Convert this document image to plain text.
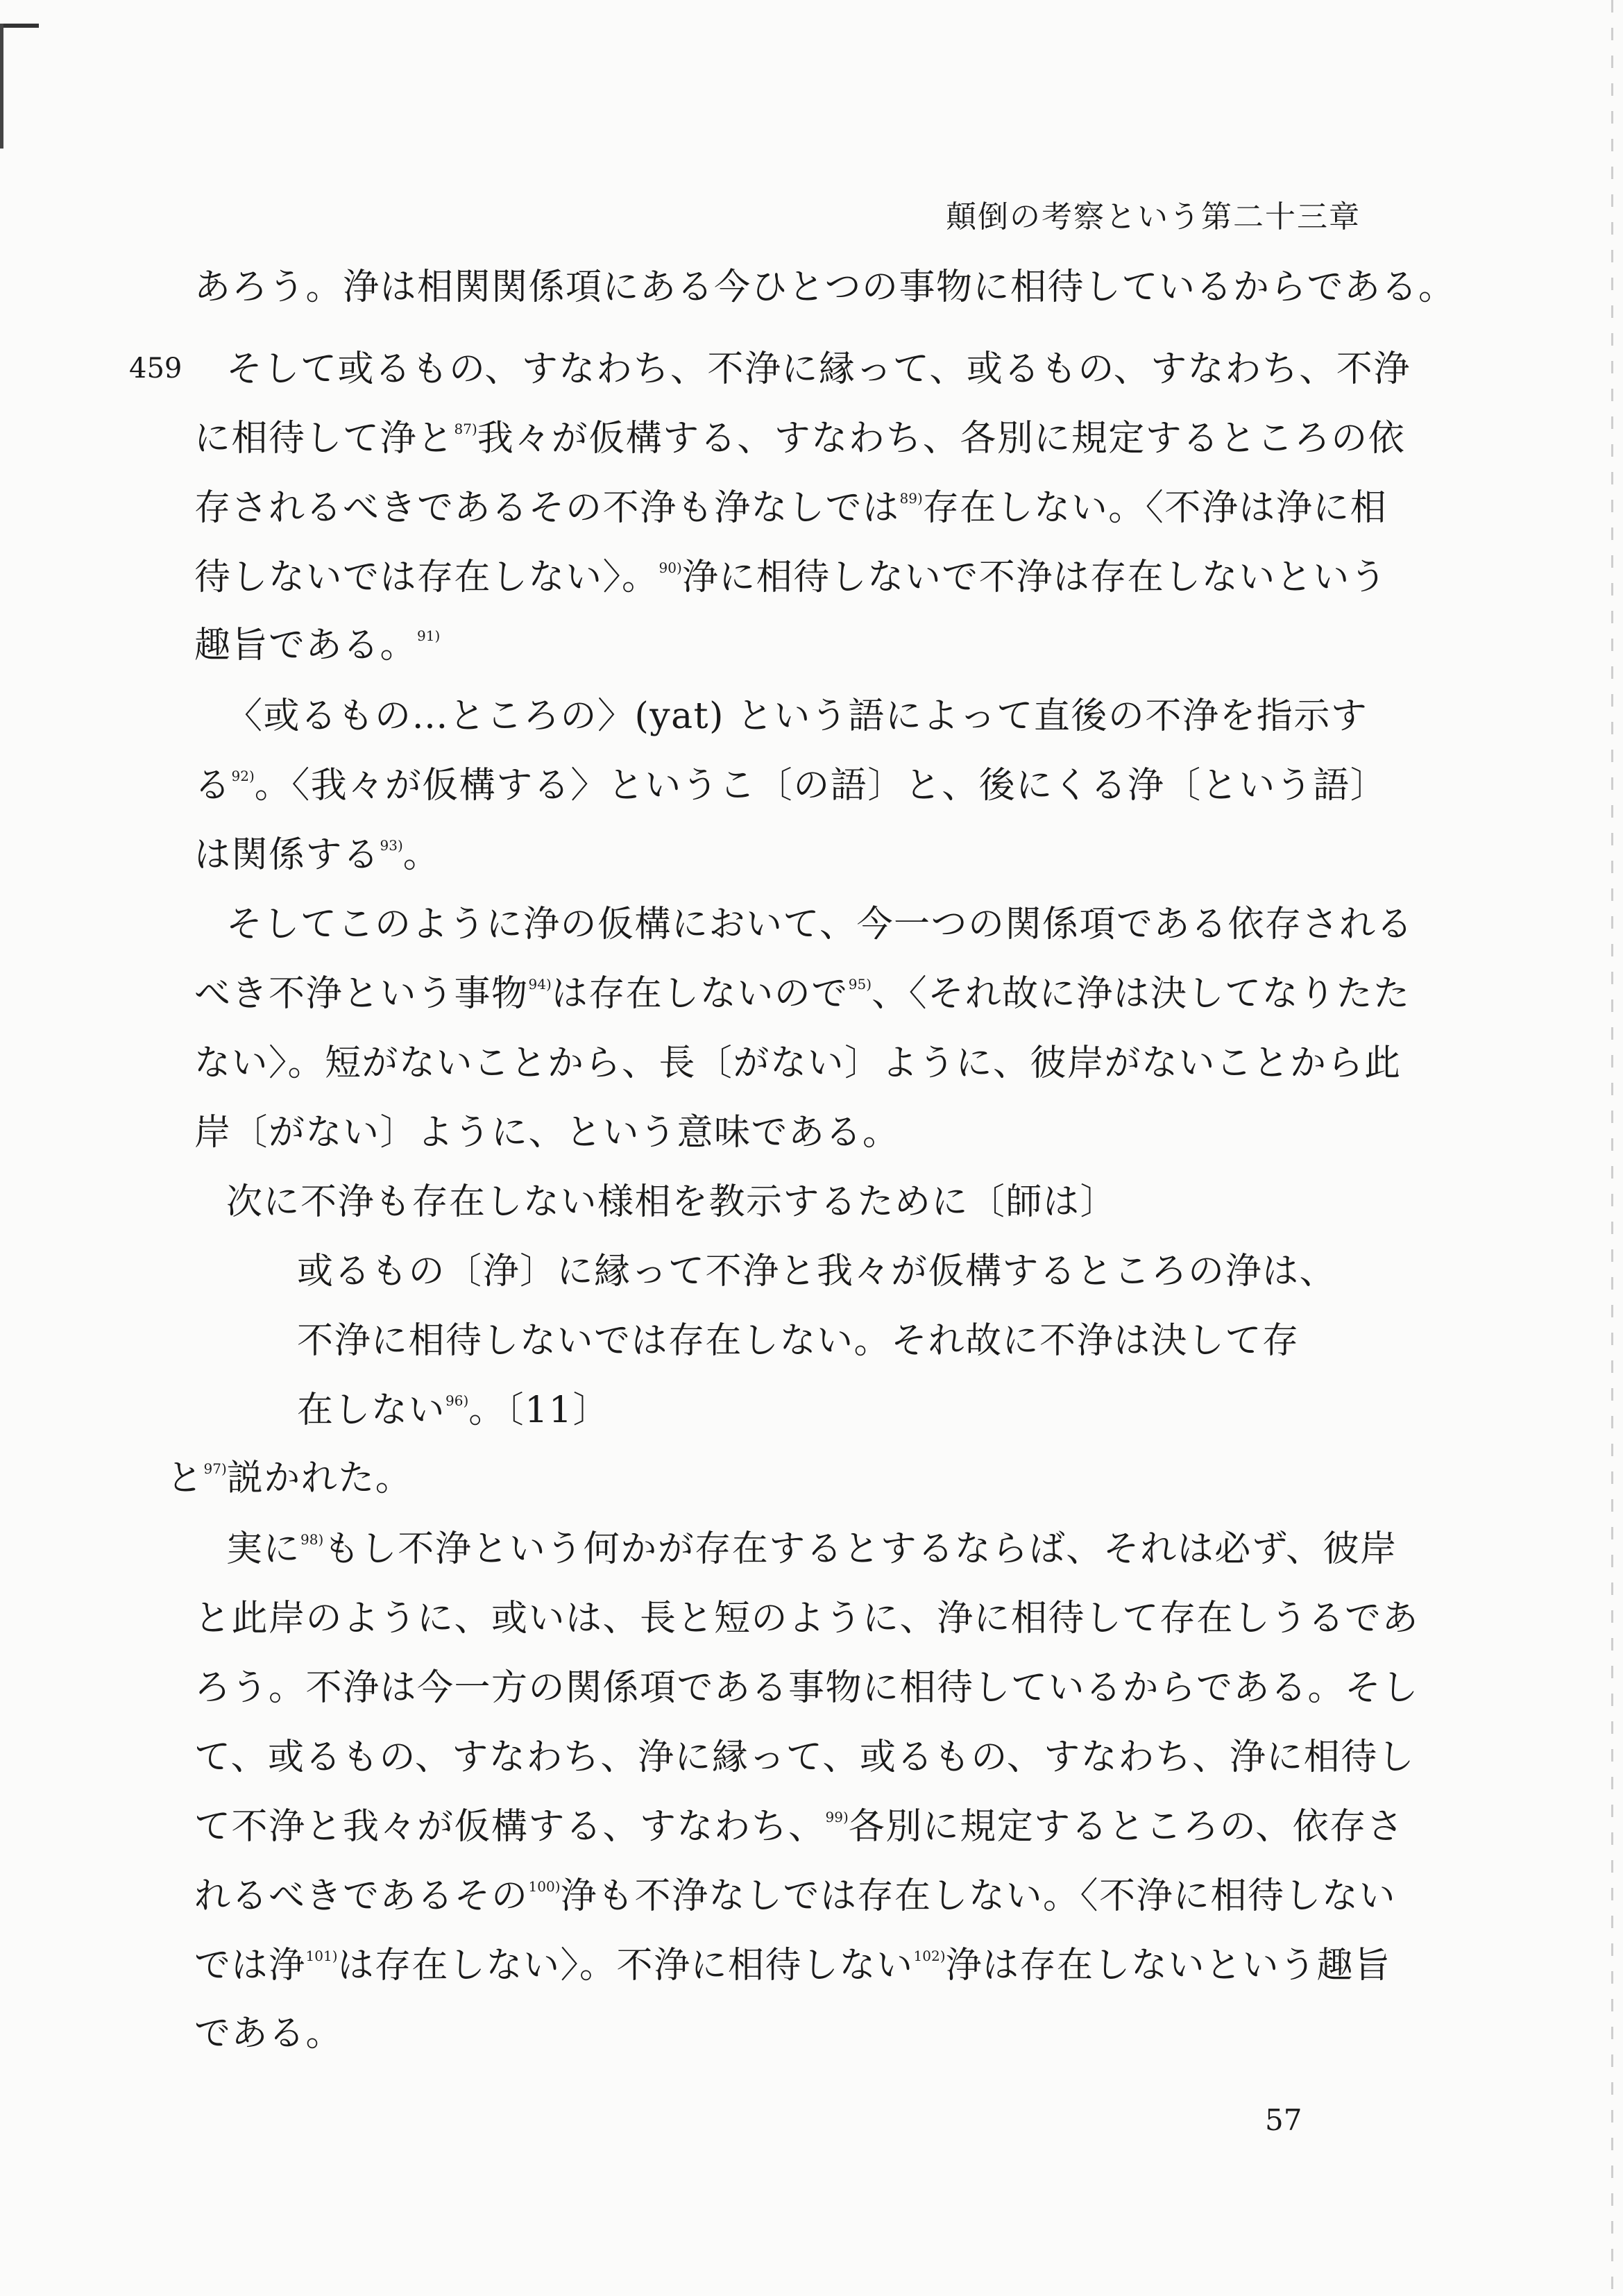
顛倒の考察という第二十三章
459
あろう。浄は相関関係項にある今ひとつの事物に相待しているからである。
そして或るもの、すなわち、不浄に縁って、或るもの、すなわち、不浄
に相待して浄と$^{87)}$我々が仮構する、すなわち、各別に規定するところの依
存されるべきであるその不浄も浄なしでは$^{89)}$存在しない。〈不浄は浄に相
待しないでは存在しない〉。$^{90)}$浄に相待しないで不浄は存在しないという
趣旨である。$^{91)}$
〈或るもの…ところの〉(yat) という語によって直後の不浄を指示す
る$^{92)}$。〈我々が仮構する〉というこ〔の語〕と、後にくる浄〔という語〕
は関係する$^{93)}$。
そしてこのように浄の仮構において、今一つの関係項である依存される
べき不浄という事物$^{94)}$は存在しないので$^{95)}$、〈それ故に浄は決してなりたた
ない〉。短がないことから、長〔がない〕ように、彼岸がないことから此
岸〔がない〕ように、という意味である。
次に不浄も存在しない様相を教示するために〔師は〕
或るもの〔浄〕に縁って不浄と我々が仮構するところの浄は、
不浄に相待しないでは存在しない。それ故に不浄は決して存
在しない$^{96)}$。〔11〕
と$^{97)}$説かれた。
実に$^{98)}$もし不浄という何かが存在するとするならば、それは必ず、彼岸
と此岸のように、或いは、長と短のように、浄に相待して存在しうるであ
ろう。不浄は今一方の関係項である事物に相待しているからである。そし
て、或るもの、すなわち、浄に縁って、或るもの、すなわち、浄に相待し
て不浄と我々が仮構する、すなわち、$^{99)}$各別に規定するところの、依存さ
れるべきであるその$^{100)}$浄も不浄なしでは存在しない。〈不浄に相待しない
では浄$^{101)}$は存在しない〉。不浄に相待しない$^{102)}$浄は存在しないという趣旨
である。
57
